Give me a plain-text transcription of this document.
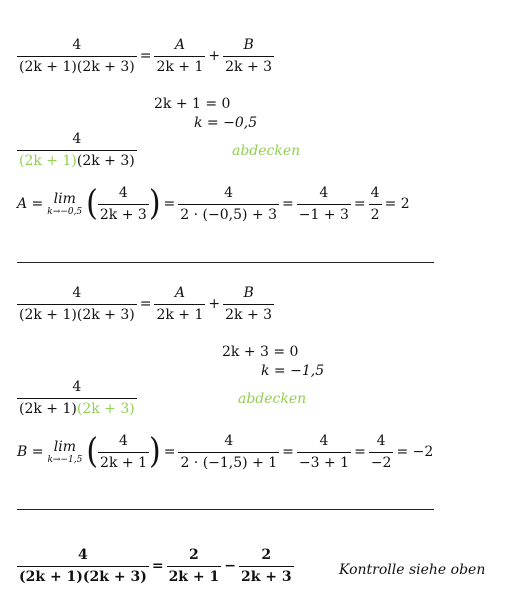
$\frac{4}{(2k + 1)(2k + 3)} = \frac{A}{2k + 1} + \frac{B}{2k + 3}$
2k + 1 = 0
k = −0,5
$\frac{4}{(2k + 1)(2k + 3)}$	abdecken
A = lim
k→−0,5 ( $\frac{4}{2k + 3}$ ) = $\frac{4}{2 \cdot (-0,5) + 3} = \frac{4}{-1 + 3} = \frac{4}{2} = 2$
$\frac{4}{(2k + 1)(2k + 3)} = \frac{A}{2k + 1} + \frac{B}{2k + 3}$
2k + 3 = 0
k = −1,5
$\frac{4}{(2k + 1)(2k + 3)}$	abdecken
B = lim
k→−1,5 ( $\frac{4}{2k + 1}$ ) = $\frac{4}{2 \cdot (-1,5) + 1} = \frac{4}{-3 + 1} = \frac{4}{-2} = -2$
$\frac{4}{(2k + 1)(2k + 3)} = \frac{2}{2k + 1} - \frac{2}{2k + 3}$	Kontrolle siehe oben
